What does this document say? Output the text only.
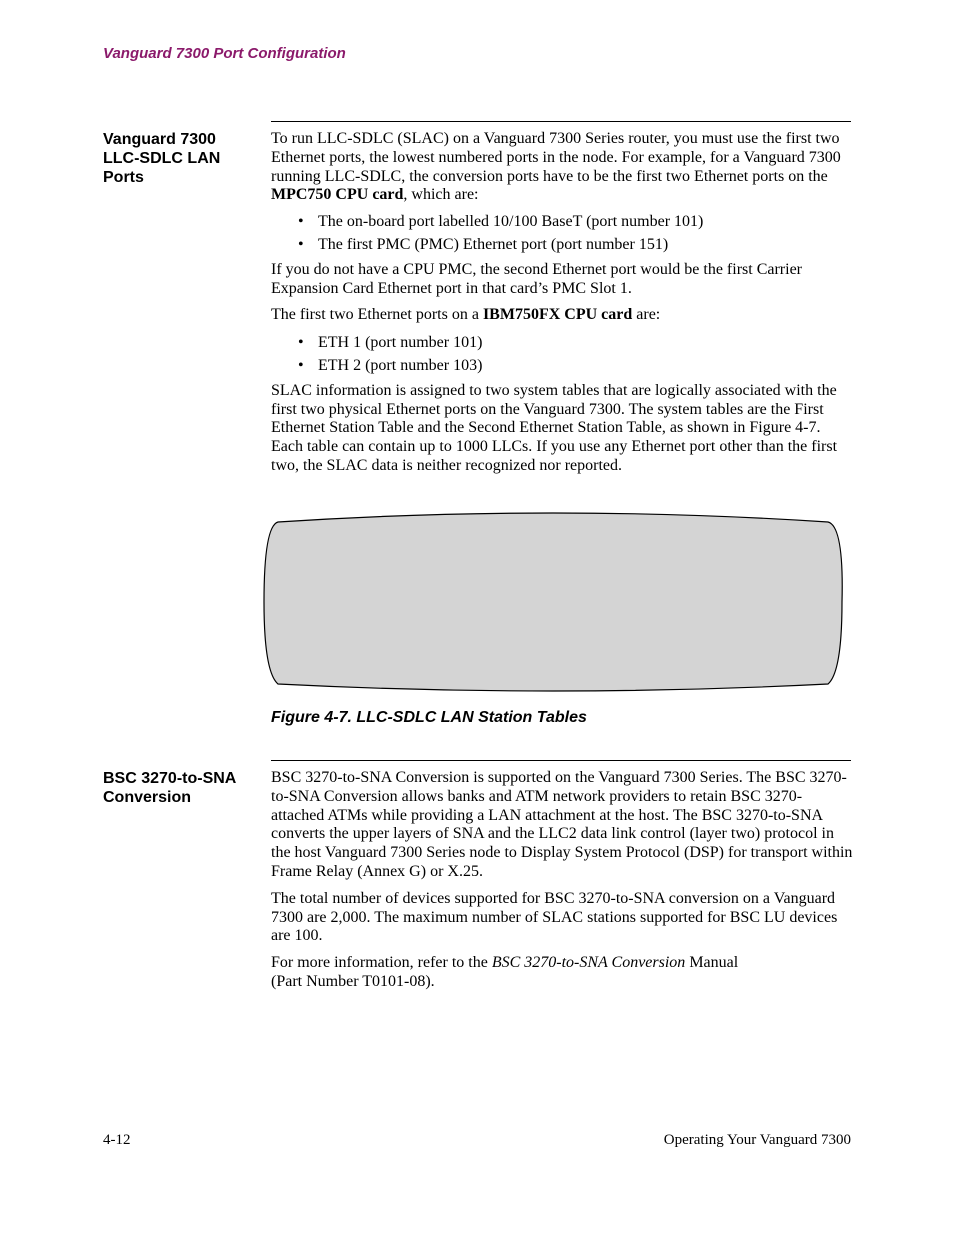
Vanguard 7300 Port Configuration
Vanguard 7300
LLC-SDLC LAN
Ports

To run LLC-SDLC (SLAC) on a Vanguard 7300 Series router, you must use the first two Ethernet ports, the lowest numbered ports in the node. For example, for a Vanguard 7300 running LLC-SDLC, the conversion ports have to be the first two Ethernet ports on the MPC750 CPU card, which are:

• The on-board port labelled 10/100 BaseT (port number 101)
• The first PMC (PMC) Ethernet port (port number 151)

If you do not have a CPU PMC, the second Ethernet port would be the first Carrier Expansion Card Ethernet port in that card’s PMC Slot 1.

The first two Ethernet ports on a IBM750FX CPU card are:

• ETH 1 (port number 101)
• ETH 2 (port number 103)

SLAC information is assigned to two system tables that are logically associated with the first two physical Ethernet ports on the Vanguard 7300. The system tables are the First Ethernet Station Table and the Second Ethernet Station Table, as shown in Figure 4-7. Each table can contain up to 1000 LLCs. If you use any Ethernet port other than the first two, the SLAC data is neither recognized nor reported.

Figure 4-7. LLC-SDLC LAN Station Tables
BSC 3270-to-SNA
Conversion

BSC 3270-to-SNA Conversion is supported on the Vanguard 7300 Series. The BSC 3270-to-SNA Conversion allows banks and ATM network providers to retain BSC 3270-attached ATMs while providing a LAN attachment at the host. The BSC 3270-to-SNA converts the upper layers of SNA and the LLC2 data link control (layer two) protocol in the host Vanguard 7300 Series node to Display System Protocol (DSP) for transport within Frame Relay (Annex G) or X.25.

The total number of devices supported for BSC 3270-to-SNA conversion on a Vanguard 7300 are 2,000. The maximum number of SLAC stations supported for BSC LU devices are 100.

For more information, refer to the BSC 3270-to-SNA Conversion Manual
(Part Number T0101-08).

4-12	Operating Your Vanguard 7300
